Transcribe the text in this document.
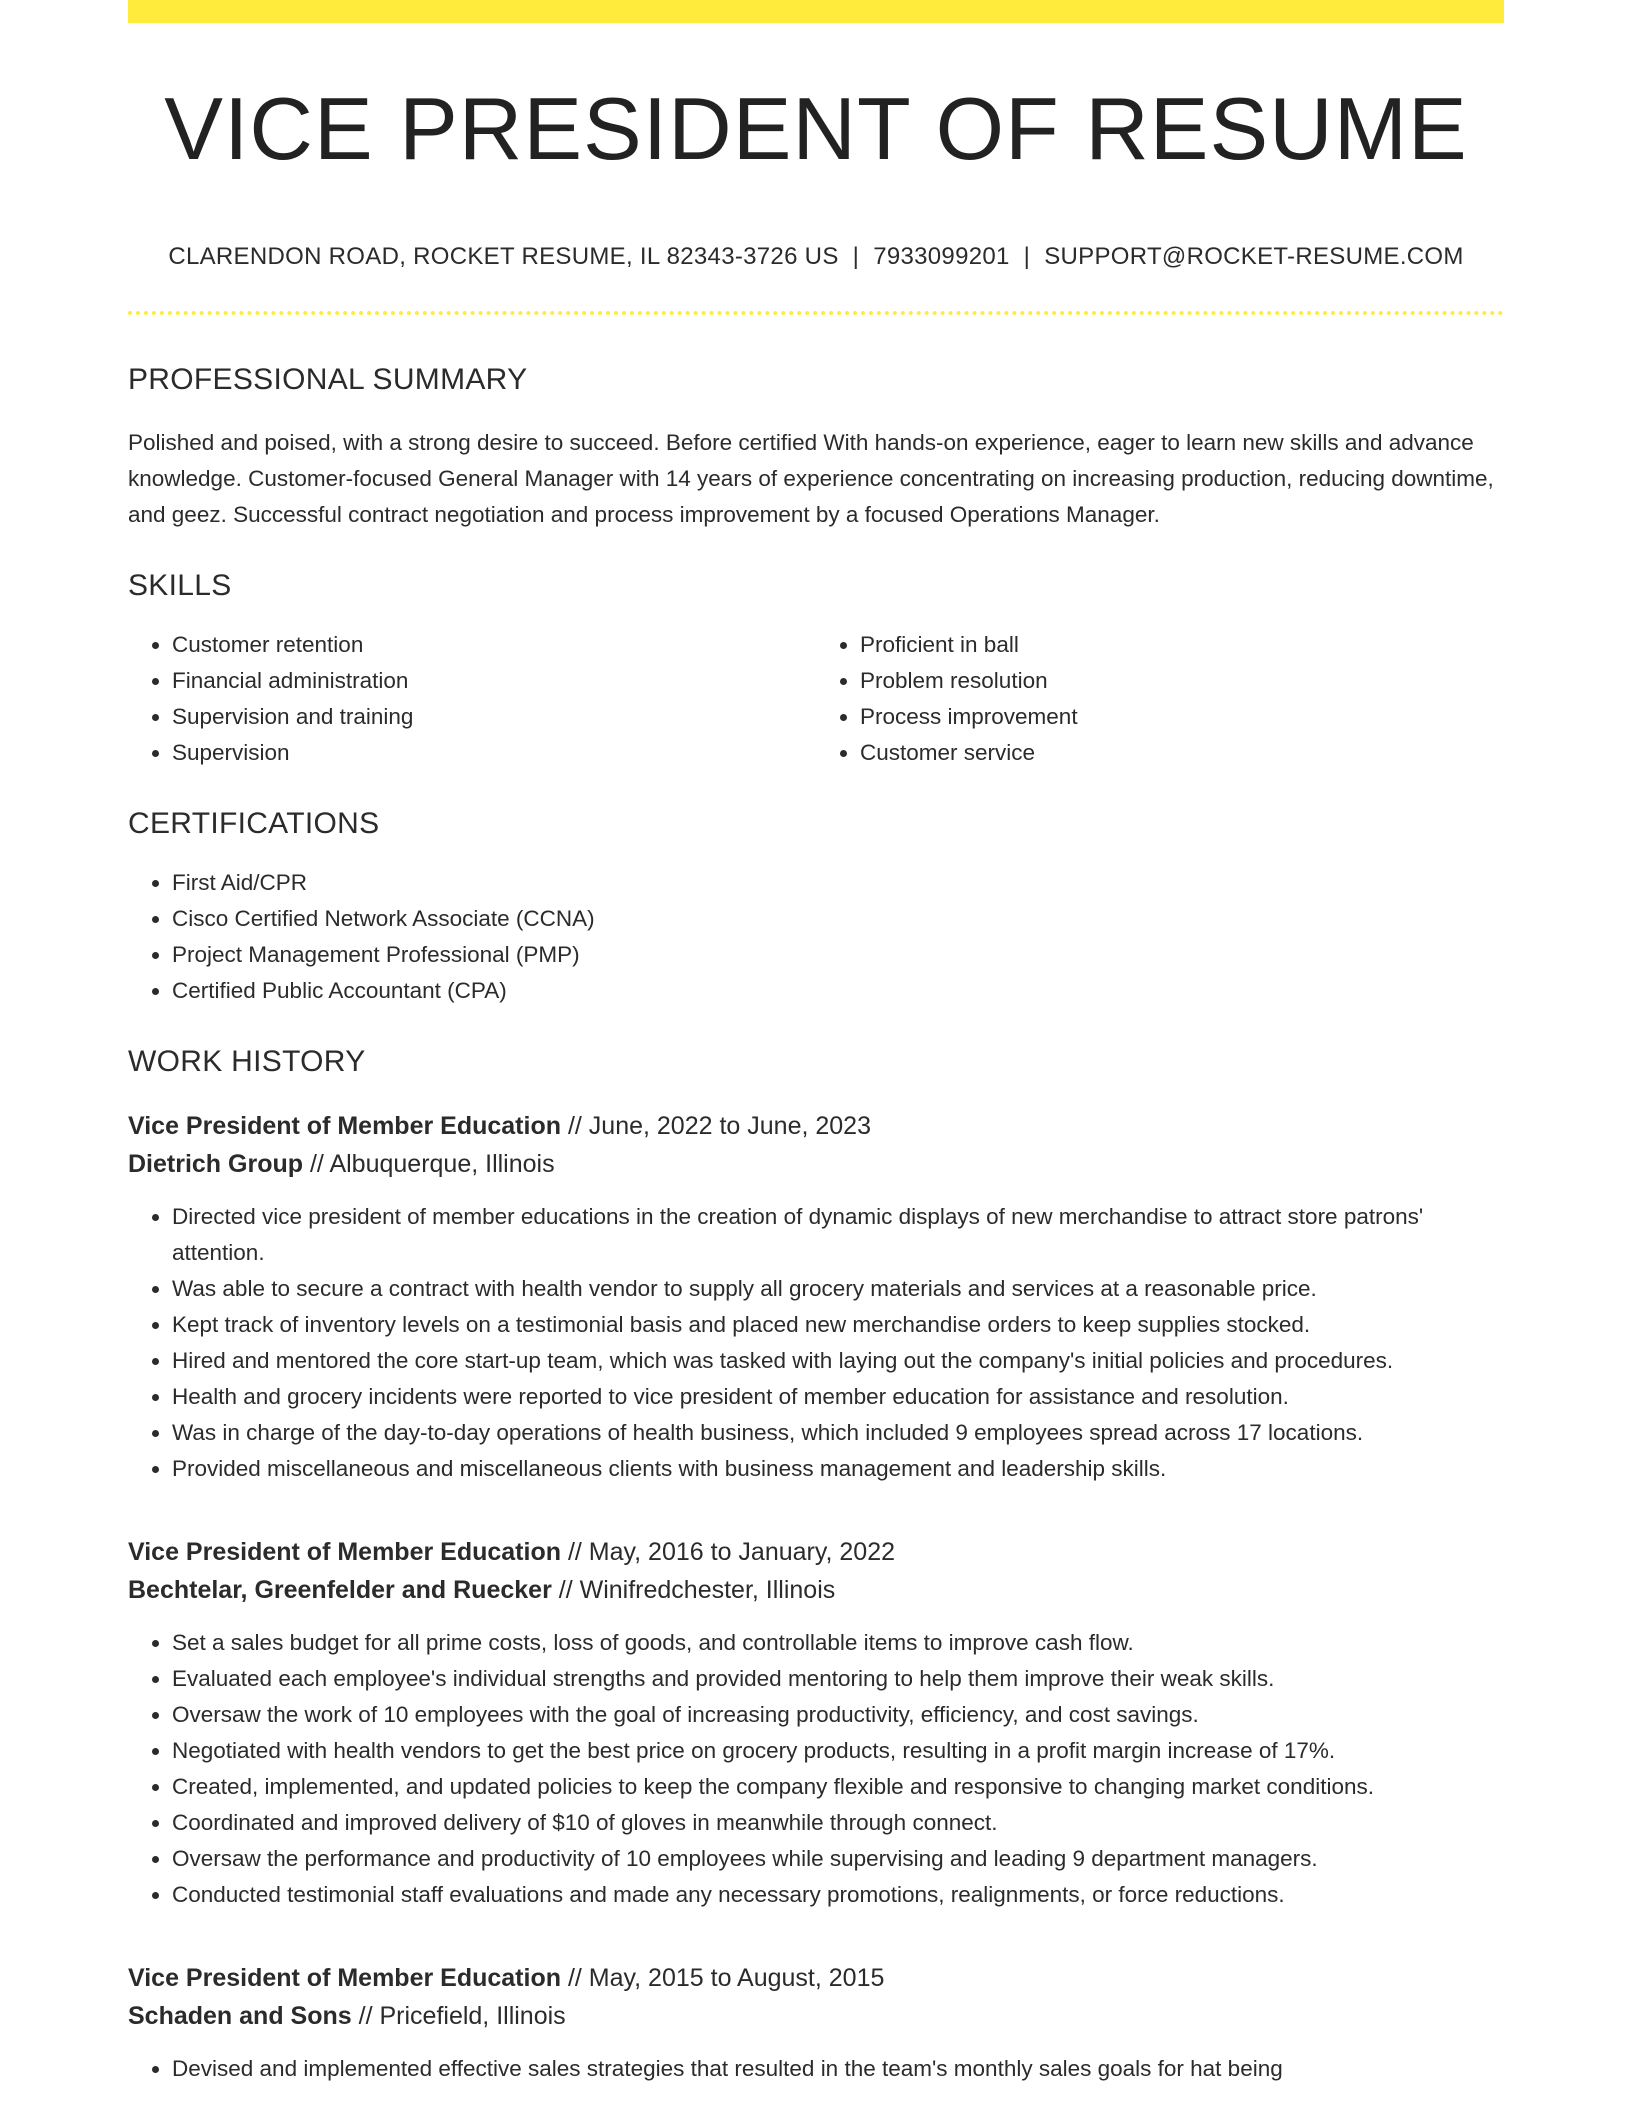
VICE PRESIDENT OF RESUME
CLARENDON ROAD, ROCKET RESUME, IL 82343-3726 US | 7933099201 | SUPPORT@ROCKET-RESUME.COM
PROFESSIONAL SUMMARY

Polished and poised, with a strong desire to succeed. Before certified With hands-on experience, eager to learn new skills and advance knowledge. Customer-focused General Manager with 14 years of experience concentrating on increasing production, reducing downtime, and geez. Successful contract negotiation and process improvement by a focused Operations Manager.

SKILLS
• Customer retention
• Financial administration
• Supervision and training
• Supervision
• Proficient in ball
• Problem resolution
• Process improvement
• Customer service
CERTIFICATIONS
• First Aid/CPR
• Cisco Certified Network Associate (CCNA)
• Project Management Professional (PMP)
• Certified Public Accountant (CPA)
WORK HISTORY
Vice President of Member Education // June, 2022 to June, 2023
Dietrich Group // Albuquerque, Illinois
• Directed vice president of member educations in the creation of dynamic displays of new merchandise to attract store patrons' attention.
• Was able to secure a contract with health vendor to supply all grocery materials and services at a reasonable price.
• Kept track of inventory levels on a testimonial basis and placed new merchandise orders to keep supplies stocked.
• Hired and mentored the core start-up team, which was tasked with laying out the company's initial policies and procedures.
• Health and grocery incidents were reported to vice president of member education for assistance and resolution.
• Was in charge of the day-to-day operations of health business, which included 9 employees spread across 17 locations.
• Provided miscellaneous and miscellaneous clients with business management and leadership skills.
Vice President of Member Education // May, 2016 to January, 2022
Bechtelar, Greenfelder and Ruecker // Winifredchester, Illinois
• Set a sales budget for all prime costs, loss of goods, and controllable items to improve cash flow.
• Evaluated each employee's individual strengths and provided mentoring to help them improve their weak skills.
• Oversaw the work of 10 employees with the goal of increasing productivity, efficiency, and cost savings.
• Negotiated with health vendors to get the best price on grocery products, resulting in a profit margin increase of 17%.
• Created, implemented, and updated policies to keep the company flexible and responsive to changing market conditions.
• Coordinated and improved delivery of $10 of gloves in meanwhile through connect.
• Oversaw the performance and productivity of 10 employees while supervising and leading 9 department managers.
• Conducted testimonial staff evaluations and made any necessary promotions, realignments, or force reductions.
Vice President of Member Education // May, 2015 to August, 2015
Schaden and Sons // Pricefield, Illinois
• Devised and implemented effective sales strategies that resulted in the team's monthly sales goals for hat being
